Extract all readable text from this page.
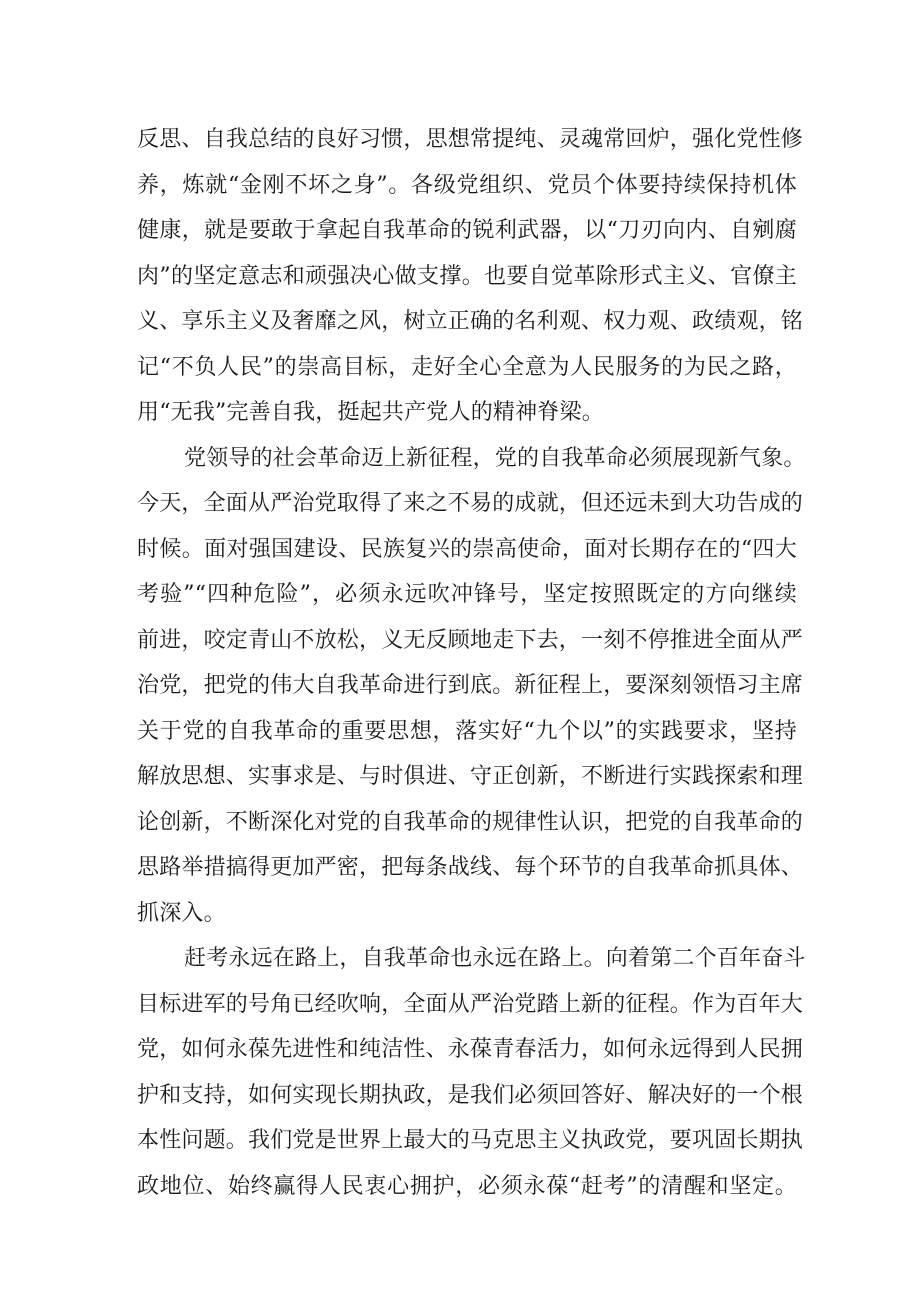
反思、自我总结的良好习惯，思想常提纯、灵魂常回炉，强化党性修
养，炼就“金刚不坏之身”。各级党组织、党员个体要持续保持机体
健康，就是要敢于拿起自我革命的锐利武器，以“刀刃向内、自剜腐
肉”的坚定意志和顽强决心做支撑。也要自觉革除形式主义、官僚主
义、享乐主义及奢靡之风，树立正确的名利观、权力观、政绩观，铭
记“不负人民”的崇高目标，走好全心全意为人民服务的为民之路，
用“无我”完善自我，挺起共产党人的精神脊梁。
党领导的社会革命迈上新征程，党的自我革命必须展现新气象。
今天，全面从严治党取得了来之不易的成就，但还远未到大功告成的
时候。面对强国建设、民族复兴的崇高使命，面对长期存在的“四大
考验”“四种危险”，必须永远吹冲锋号，坚定按照既定的方向继续
前进，咬定青山不放松，义无反顾地走下去，一刻不停推进全面从严
治党，把党的伟大自我革命进行到底。新征程上，要深刻领悟习主席
关于党的自我革命的重要思想，落实好“九个以”的实践要求，坚持
解放思想、实事求是、与时俱进、守正创新，不断进行实践探索和理
论创新，不断深化对党的自我革命的规律性认识，把党的自我革命的
思路举措搞得更加严密，把每条战线、每个环节的自我革命抓具体、
抓深入。
赶考永远在路上，自我革命也永远在路上。向着第二个百年奋斗
目标进军的号角已经吹响，全面从严治党踏上新的征程。作为百年大
党，如何永葆先进性和纯洁性、永葆青春活力，如何永远得到人民拥
护和支持，如何实现长期执政，是我们必须回答好、解决好的一个根
本性问题。我们党是世界上最大的马克思主义执政党，要巩固长期执
政地位、始终赢得人民衷心拥护，必须永葆“赶考”的清醒和坚定。
